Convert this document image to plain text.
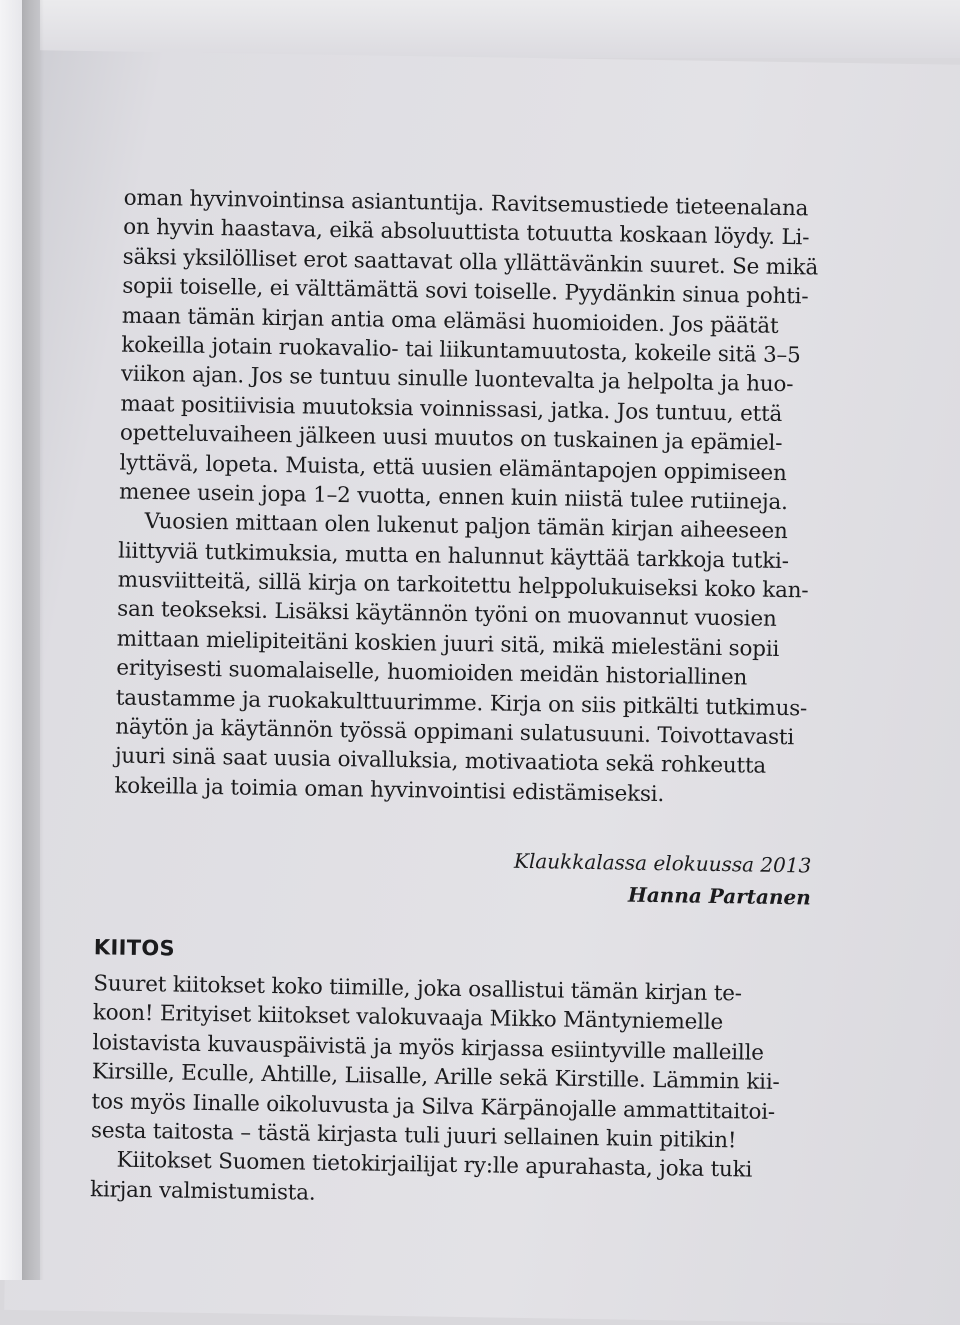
oman hyvinvointinsa asiantuntija. Ravitsemustiede tieteenalana

on hyvin haastava, eikä absoluuttista totuutta koskaan löydy. Li-

säksi yksilölliset erot saattavat olla yllättävänkin suuret. Se mikä

sopii toiselle, ei välttämättä sovi toiselle. Pyydänkin sinua pohti-

maan tämän kirjan antia oma elämäsi huomioiden. Jos päätät

kokeilla jotain ruokavalio- tai liikuntamuutosta, kokeile sitä 3–5

viikon ajan. Jos se tuntuu sinulle luontevalta ja helpolta ja huo-

maat positiivisia muutoksia voinnissasi, jatka. Jos tuntuu, että

opetteluvaiheen jälkeen uusi muutos on tuskainen ja epämiel-

lyttävä, lopeta. Muista, että uusien elämäntapojen oppimiseen

menee usein jopa 1–2 vuotta, ennen kuin niistä tulee rutiineja.

Vuosien mittaan olen lukenut paljon tämän kirjan aiheeseen

liittyviä tutkimuksia, mutta en halunnut käyttää tarkkoja tutki-

musviitteitä, sillä kirja on tarkoitettu helppolukuiseksi koko kan-

san teokseksi. Lisäksi käytännön työni on muovannut vuosien

mittaan mielipiteitäni koskien juuri sitä, mikä mielestäni sopii

erityisesti suomalaiselle, huomioiden meidän historiallinen

taustamme ja ruokakulttuurimme. Kirja on siis pitkälti tutkimus-

näytön ja käytännön työssä oppimani sulatusuuni. Toivottavasti

juuri sinä saat uusia oivalluksia, motivaatiota sekä rohkeutta

kokeilla ja toimia oman hyvinvointisi edistämiseksi.

Klaukkalassa elokuussa 2013
Hanna Partanen
KIITOS

Suuret kiitokset koko tiimille, joka osallistui tämän kirjan te-

koon! Erityiset kiitokset valokuvaaja Mikko Mäntyniemelle

loistavista kuvauspäivistä ja myös kirjassa esiintyville malleille

Kirsille, Eculle, Ahtille, Liisalle, Arille sekä Kirstille. Lämmin kii-

tos myös Iinalle oikoluvusta ja Silva Kärpänojalle ammattitaitoi-

sesta taitosta – tästä kirjasta tuli juuri sellainen kuin pitikin!

Kiitokset Suomen tietokirjailijat ry:lle apurahasta, joka tuki

kirjan valmistumista.
